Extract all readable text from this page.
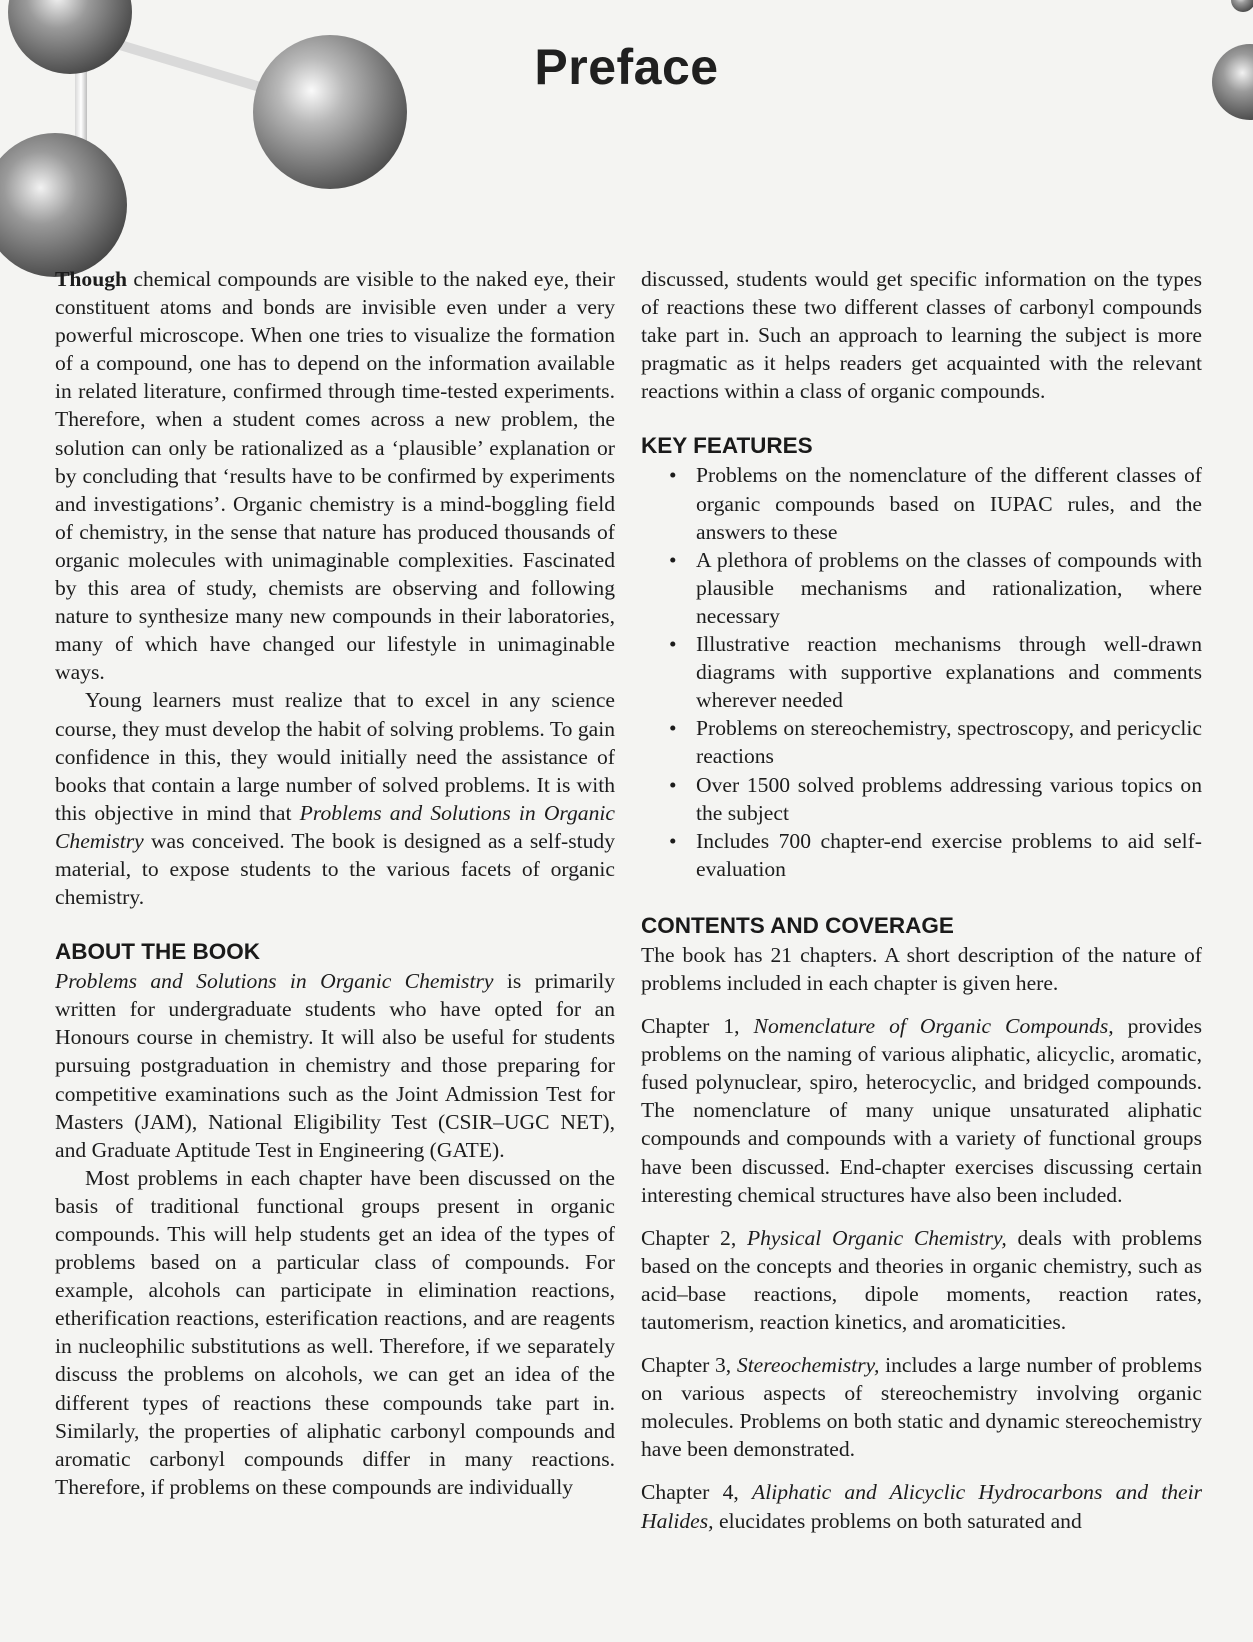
Preface

Though chemical compounds are visible to the naked eye, their constituent atoms and bonds are invisible even under a very powerful microscope. When one tries to visualize the formation of a compound, one has to depend on the information available in related literature, confirmed through time-tested experiments. Therefore, when a student comes across a new problem, the solution can only be rationalized as a ‘plausible’ explanation or by concluding that ‘results have to be confirmed by experiments and investigations’. Organic chemistry is a mind-boggling field of chemistry, in the sense that nature has produced thousands of organic molecules with unimaginable complexities. Fascinated by this area of study, chemists are observing and following nature to synthesize many new compounds in their laboratories, many of which have changed our lifestyle in unimaginable ways.

Young learners must realize that to excel in any science course, they must develop the habit of solving problems. To gain confidence in this, they would initially need the assistance of books that contain a large number of solved problems. It is with this objective in mind that Problems and Solutions in Organic Chemistry was conceived. The book is designed as a self-study material, to expose students to the various facets of organic chemistry.

ABOUT THE BOOK

Problems and Solutions in Organic Chemistry is primarily written for undergraduate students who have opted for an Honours course in chemistry. It will also be useful for students pursuing postgraduation in chemistry and those preparing for competitive examinations such as the Joint Admission Test for Masters (JAM), National Eligibility Test (CSIR–UGC NET), and Graduate Aptitude Test in Engineering (GATE).

Most problems in each chapter have been discussed on the basis of traditional functional groups present in organic compounds. This will help students get an idea of the types of problems based on a particular class of compounds. For example, alcohols can participate in elimination reactions, etherification reactions, esterification reactions, and are reagents in nucleophilic substitutions as well. Therefore, if we separately discuss the problems on alcohols, we can get an idea of the different types of reactions these compounds take part in. Similarly, the properties of aliphatic carbonyl compounds and aromatic carbonyl compounds differ in many reactions. Therefore, if problems on these compounds are individually

discussed, students would get specific information on the types of reactions these two different classes of carbonyl compounds take part in. Such an approach to learning the subject is more pragmatic as it helps readers get acquainted with the relevant reactions within a class of organic compounds.

KEY FEATURES
• Problems on the nomenclature of the different classes of organic compounds based on IUPAC rules, and the answers to these
• A plethora of problems on the classes of compounds with plausible mechanisms and rationalization, where necessary
• Illustrative reaction mechanisms through well-drawn diagrams with supportive explanations and comments wherever needed
• Problems on stereochemistry, spectroscopy, and pericyclic reactions
• Over 1500 solved problems addressing various topics on the subject
• Includes 700 chapter-end exercise problems to aid self-evaluation
CONTENTS AND COVERAGE

The book has 21 chapters. A short description of the nature of problems included in each chapter is given here.

Chapter 1, Nomenclature of Organic Compounds, provides problems on the naming of various aliphatic, alicyclic, aromatic, fused polynuclear, spiro, heterocyclic, and bridged compounds. The nomenclature of many unique unsaturated aliphatic compounds and compounds with a variety of functional groups have been discussed. End-chapter exercises discussing certain interesting chemical structures have also been included.

Chapter 2, Physical Organic Chemistry, deals with problems based on the concepts and theories in organic chemistry, such as acid–base reactions, dipole moments, reaction rates, tautomerism, reaction kinetics, and aromaticities.

Chapter 3, Stereochemistry, includes a large number of problems on various aspects of stereochemistry involving organic molecules. Problems on both static and dynamic stereochemistry have been demonstrated.

Chapter 4, Aliphatic and Alicyclic Hydrocarbons and their Halides, elucidates problems on both saturated and
